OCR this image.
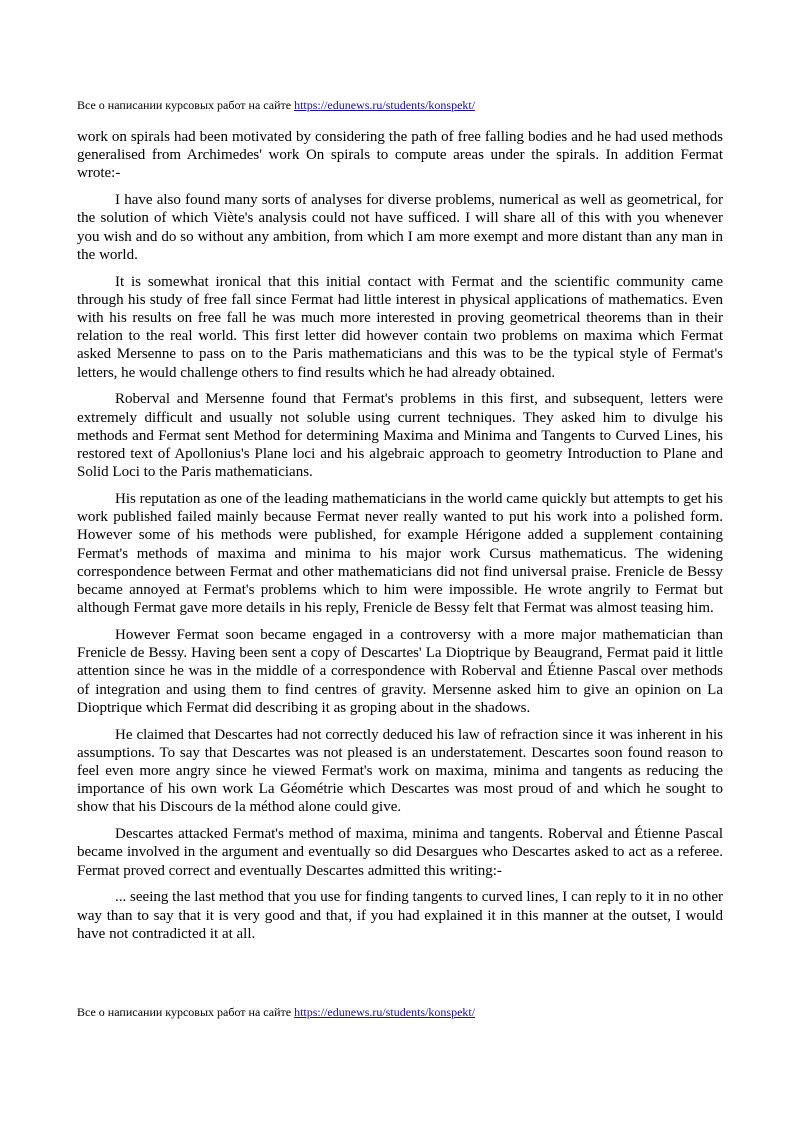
Все о написании курсовых работ на сайте https://edunews.ru/students/konspekt/

work on spirals had been motivated by considering the path of free falling bodies and he had used methods generalised from Archimedes' work On spirals to compute areas under the spirals. In addition Fermat wrote:-

I have also found many sorts of analyses for diverse problems, numerical as well as geometrical, for the solution of which Viète's analysis could not have sufficed. I will share all of this with you whenever you wish and do so without any ambition, from which I am more exempt and more distant than any man in the world.

It is somewhat ironical that this initial contact with Fermat and the scientific community came through his study of free fall since Fermat had little interest in physical applications of mathematics. Even with his results on free fall he was much more interested in proving geometrical theorems than in their relation to the real world. This first letter did however contain two problems on maxima which Fermat asked Mersenne to pass on to the Paris mathematicians and this was to be the typical style of Fermat's letters, he would challenge others to find results which he had already obtained.

Roberval and Mersenne found that Fermat's problems in this first, and subsequent, letters were extremely difficult and usually not soluble using current techniques. They asked him to divulge his methods and Fermat sent Method for determining Maxima and Minima and Tangents to Curved Lines, his restored text of Apollonius's Plane loci and his algebraic approach to geometry Introduction to Plane and Solid Loci to the Paris mathematicians.

His reputation as one of the leading mathematicians in the world came quickly but attempts to get his work published failed mainly because Fermat never really wanted to put his work into a polished form. However some of his methods were published, for example Hérigone added a supplement containing Fermat's methods of maxima and minima to his major work Cursus mathematicus. The widening correspondence between Fermat and other mathematicians did not find universal praise. Frenicle de Bessy became annoyed at Fermat's problems which to him were impossible. He wrote angrily to Fermat but although Fermat gave more details in his reply, Frenicle de Bessy felt that Fermat was almost teasing him.

However Fermat soon became engaged in a controversy with a more major mathematician than Frenicle de Bessy. Having been sent a copy of Descartes' La Dioptrique by Beaugrand, Fermat paid it little attention since he was in the middle of a correspondence with Roberval and Étienne Pascal over methods of integration and using them to find centres of gravity. Mersenne asked him to give an opinion on La Dioptrique which Fermat did describing it as groping about in the shadows.

He claimed that Descartes had not correctly deduced his law of refraction since it was inherent in his assumptions. To say that Descartes was not pleased is an understatement. Descartes soon found reason to feel even more angry since he viewed Fermat's work on maxima, minima and tangents as reducing the importance of his own work La Géométrie which Descartes was most proud of and which he sought to show that his Discours de la méthod alone could give.

Descartes attacked Fermat's method of maxima, minima and tangents. Roberval and Étienne Pascal became involved in the argument and eventually so did Desargues who Descartes asked to act as a referee. Fermat proved correct and eventually Descartes admitted this writing:-

... seeing the last method that you use for finding tangents to curved lines, I can reply to it in no other way than to say that it is very good and that, if you had explained it in this manner at the outset, I would have not contradicted it at all.

Все о написании курсовых работ на сайте https://edunews.ru/students/konspekt/
